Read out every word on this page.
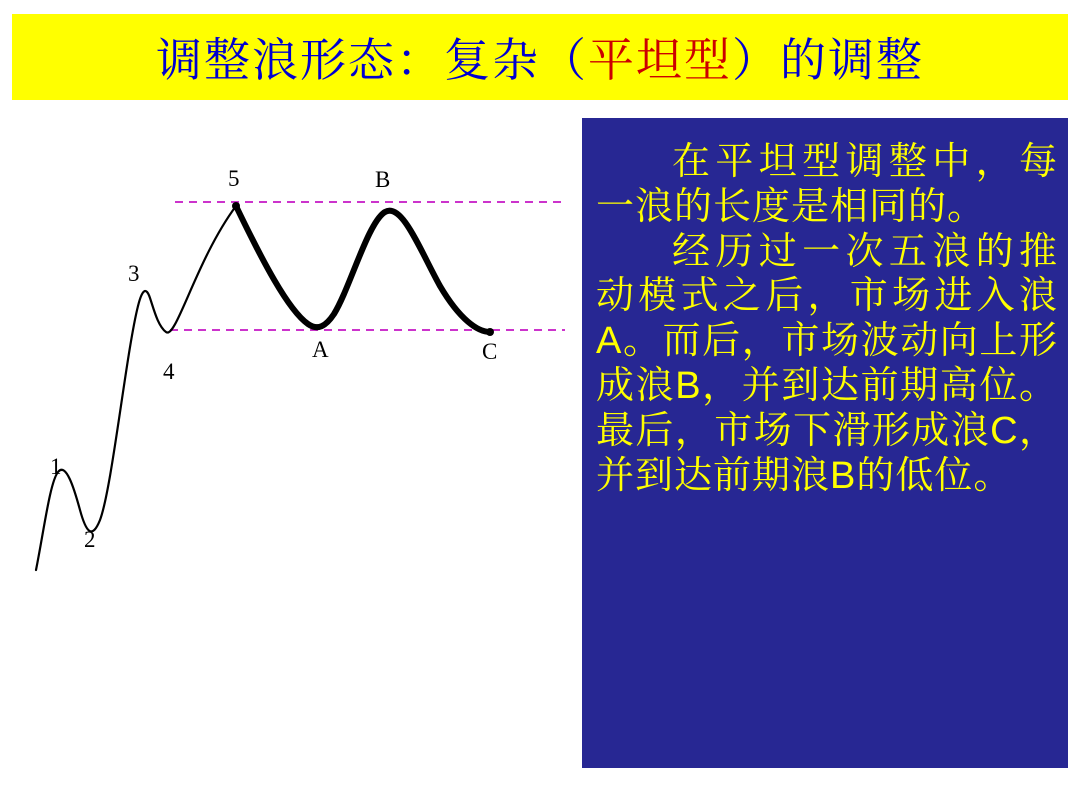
调整浪形态：复杂（平坦型）的调整
1
2
3
4
5
A
B
C

在平坦型调整中，每一浪的长度是相同的。

经历过一次五浪的推动模式之后，市场进入浪A。而后，市场波动向上形成浪B，并到达前期高位。最后，市场下滑形成浪C，并到达前期浪B的低位。
